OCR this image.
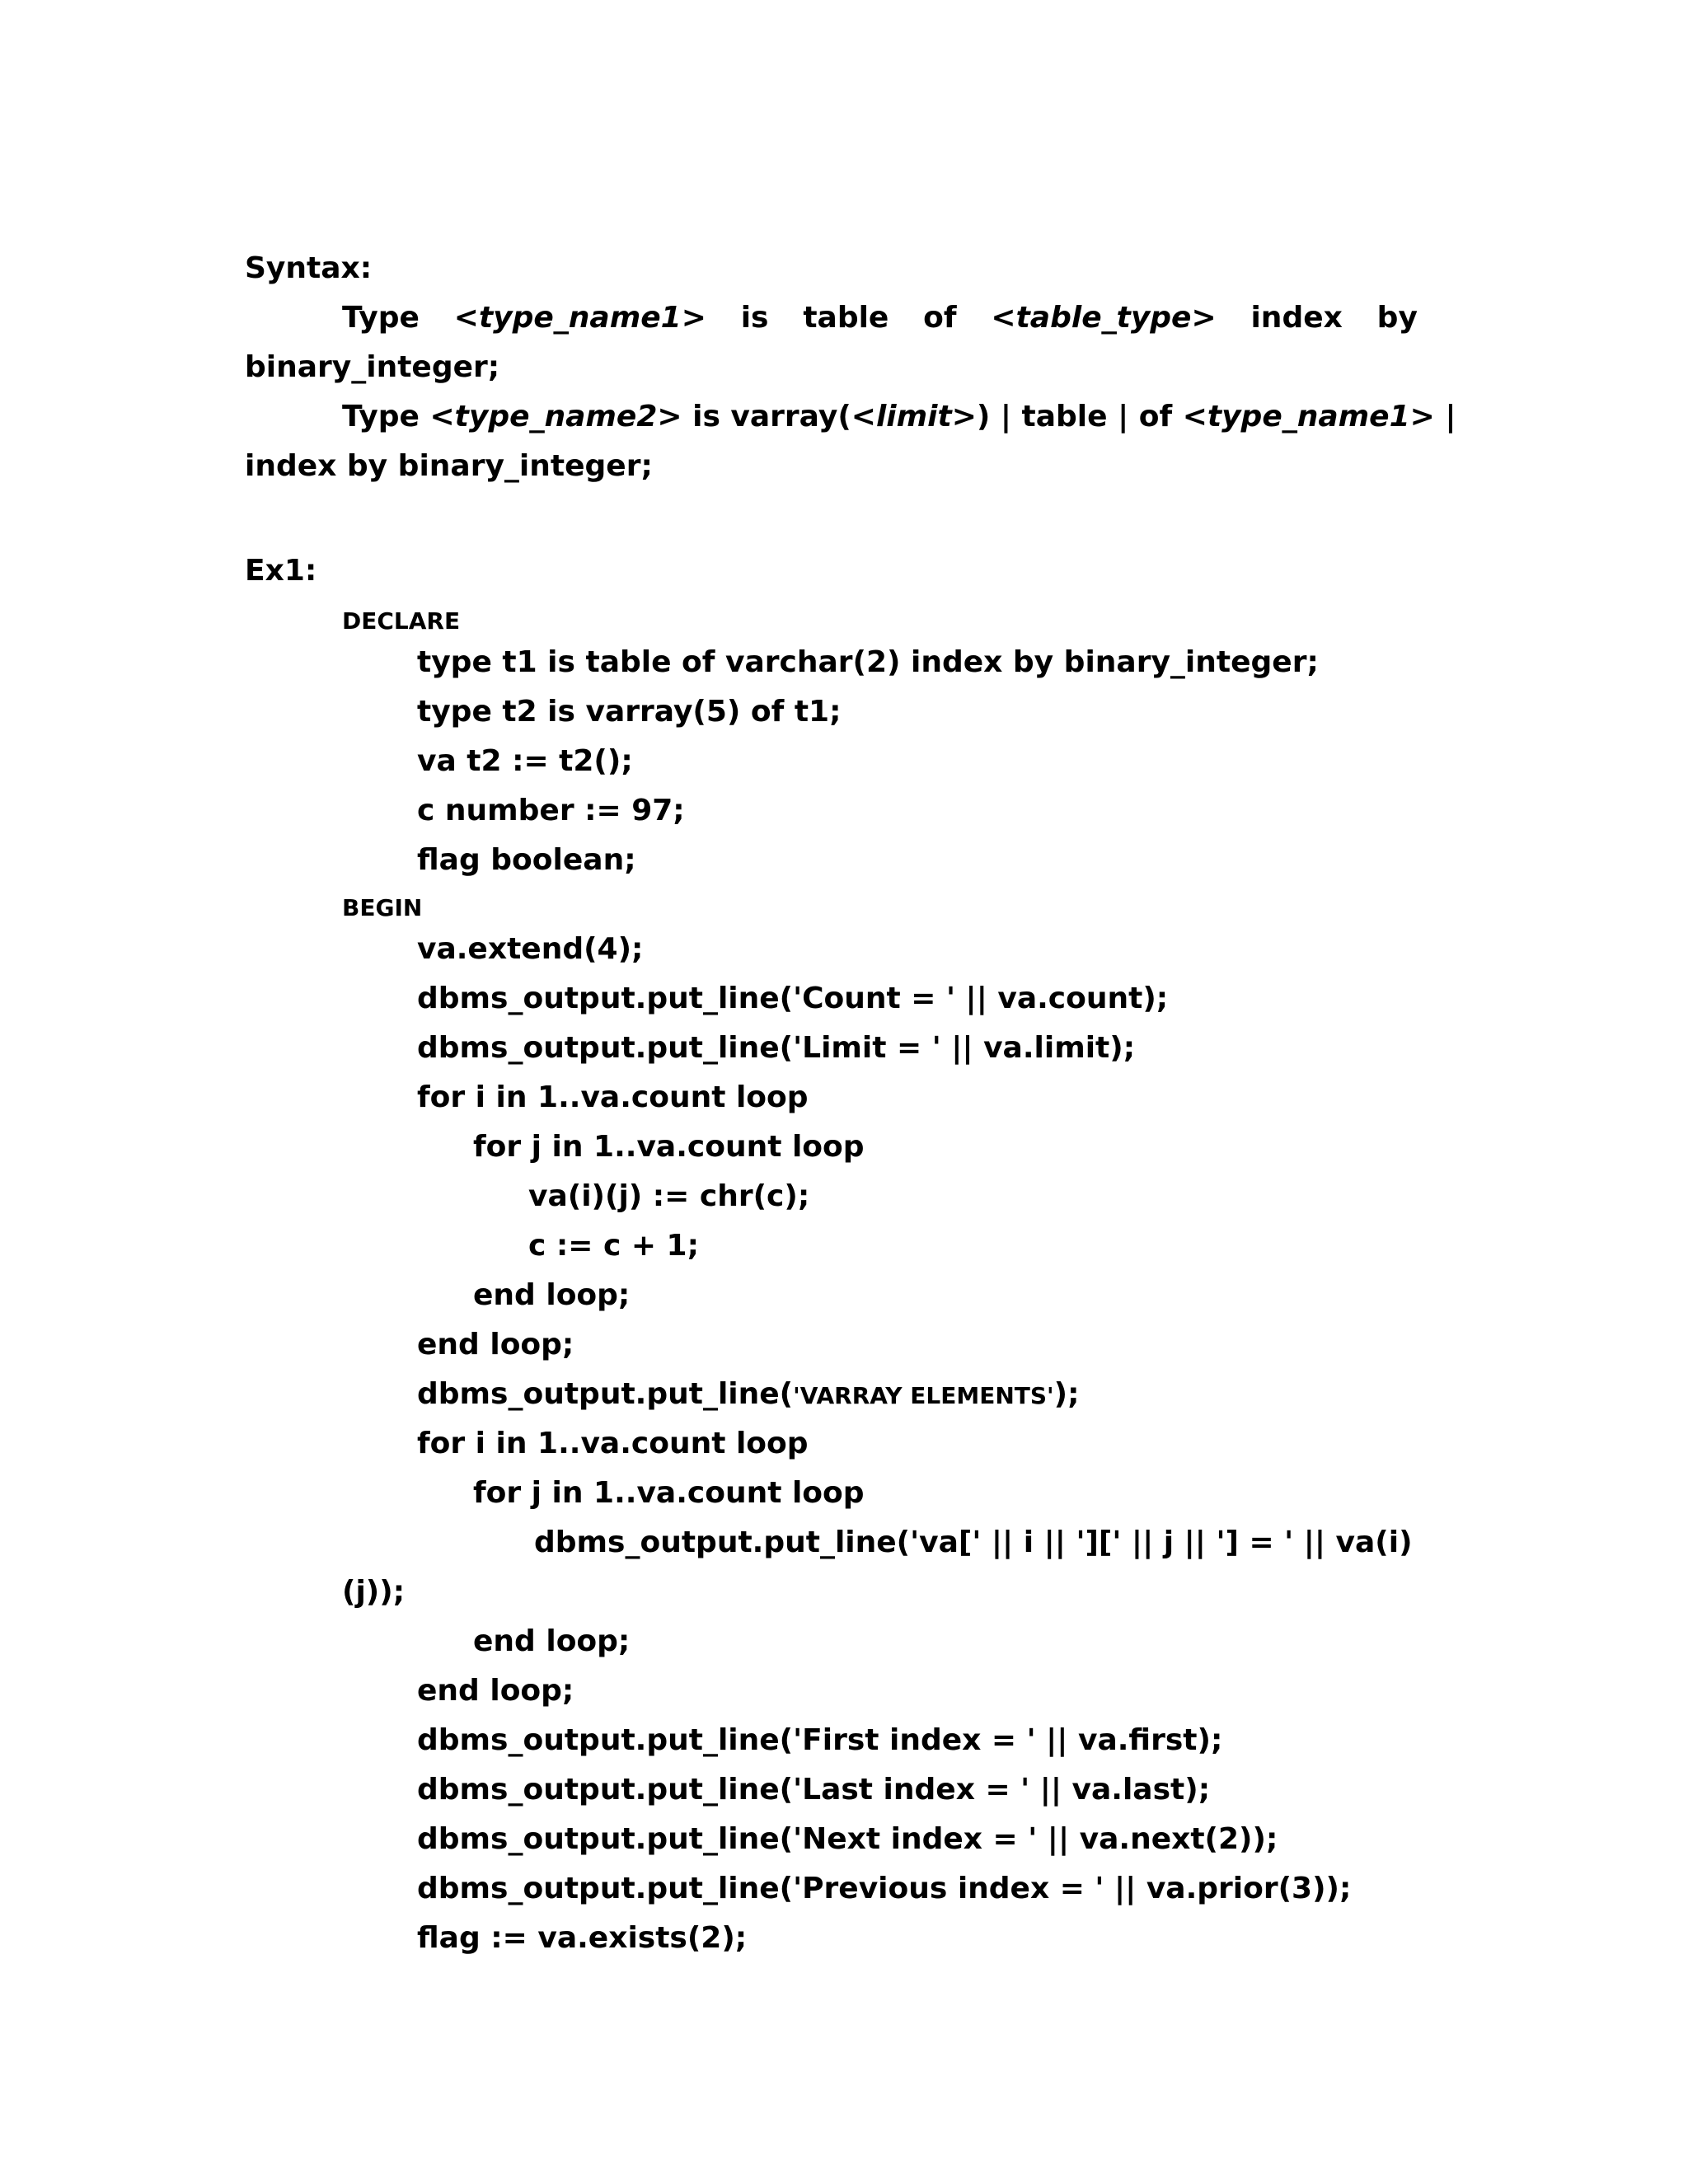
Syntax:
Type <type_name1> is table of <table_type> index by
binary_integer;
Type <type_name2> is varray(<limit>) | table | of <type_name1> |
index by binary_integer;
Ex1:
DECLARE
type t1 is table of varchar(2) index by binary_integer;
type t2 is varray(5) of t1;
va t2 := t2();
c number := 97;
flag boolean;
BEGIN
va.extend(4);
dbms_output.put_line('Count = ' || va.count);
dbms_output.put_line('Limit = ' || va.limit);
for i in 1..va.count loop
for j in 1..va.count loop
va(i)(j) := chr(c);
c := c + 1;
end loop;
end loop;
dbms_output.put_line('VARRAY ELEMENTS');
for i in 1..va.count loop
for j in 1..va.count loop
dbms_output.put_line('va[' || i || '][' || j || '] = ' || va(i)
(j));
end loop;
end loop;
dbms_output.put_line('First index = ' || va.first);
dbms_output.put_line('Last index = ' || va.last);
dbms_output.put_line('Next index = ' || va.next(2));
dbms_output.put_line('Previous index = ' || va.prior(3));
flag := va.exists(2);
